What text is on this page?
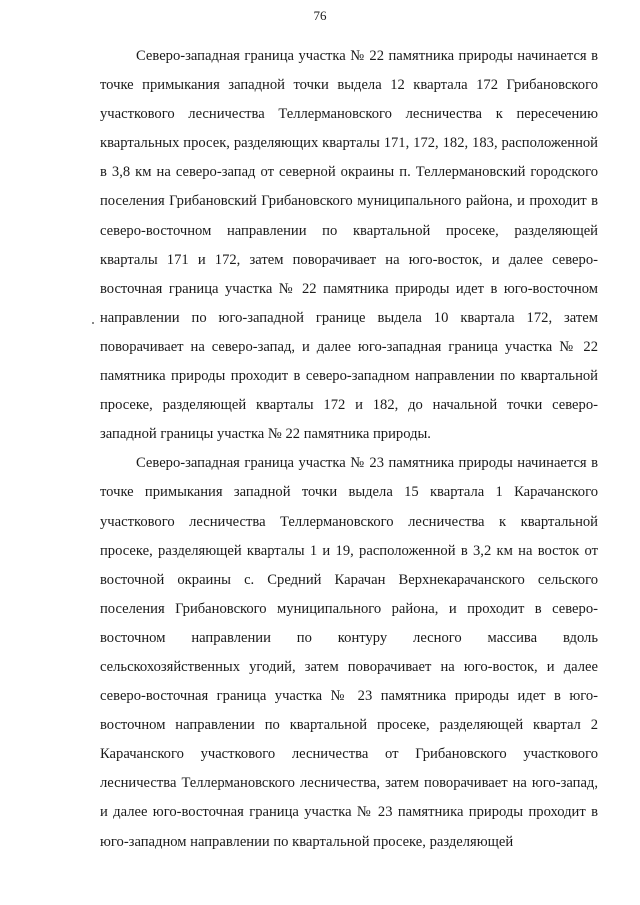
76

Северо-западная граница участка № 22 памятника природы начинается в точке примыкания западной точки выдела 12 квартала 172 Грибановского участкового лесничества Теллермановского лесничества к пересечению квартальных просек, разделяющих кварталы 171, 172, 182, 183, расположенной в 3,8 км на северо-запад от северной окраины п. Теллермановский городского поселения Грибановский Грибановского муниципального района, и проходит в северо-восточном направлении по квартальной просеке, разделяющей кварталы 171 и 172, затем поворачивает на юго-восток, и далее северо-восточная граница участка № 22 памятника природы идет в юго-восточном направлении по юго-западной границе выдела 10 квартала 172, затем поворачивает на северо-запад, и далее юго-западная граница участка № 22 памятника природы проходит в северо-западном направлении по квартальной просеке, разделяющей кварталы 172 и 182, до начальной точки северо-западной границы участка № 22 памятника природы.

Северо-западная граница участка № 23 памятника природы начинается в точке примыкания западной точки выдела 15 квартала 1 Карачанского участкового лесничества Теллермановского лесничества к квартальной просеке, разделяющей кварталы 1 и 19, расположенной в 3,2 км на восток от восточной окраины с. Средний Карачан Верхнекарачанского сельского поселения Грибановского муниципального района, и проходит в северо-восточном направлении по контуру лесного массива вдоль сельскохозяйственных угодий, затем поворачивает на юго-восток, и далее северо-восточная граница участка № 23 памятника природы идет в юго-восточном направлении по квартальной просеке, разделяющей квартал 2 Карачанского участкового лесничества от Грибановского участкового лесничества Теллермановского лесничества, затем поворачивает на юго-запад, и далее юго-восточная граница участка № 23 памятника природы проходит в юго-западном направлении по квартальной просеке, разделяющей
